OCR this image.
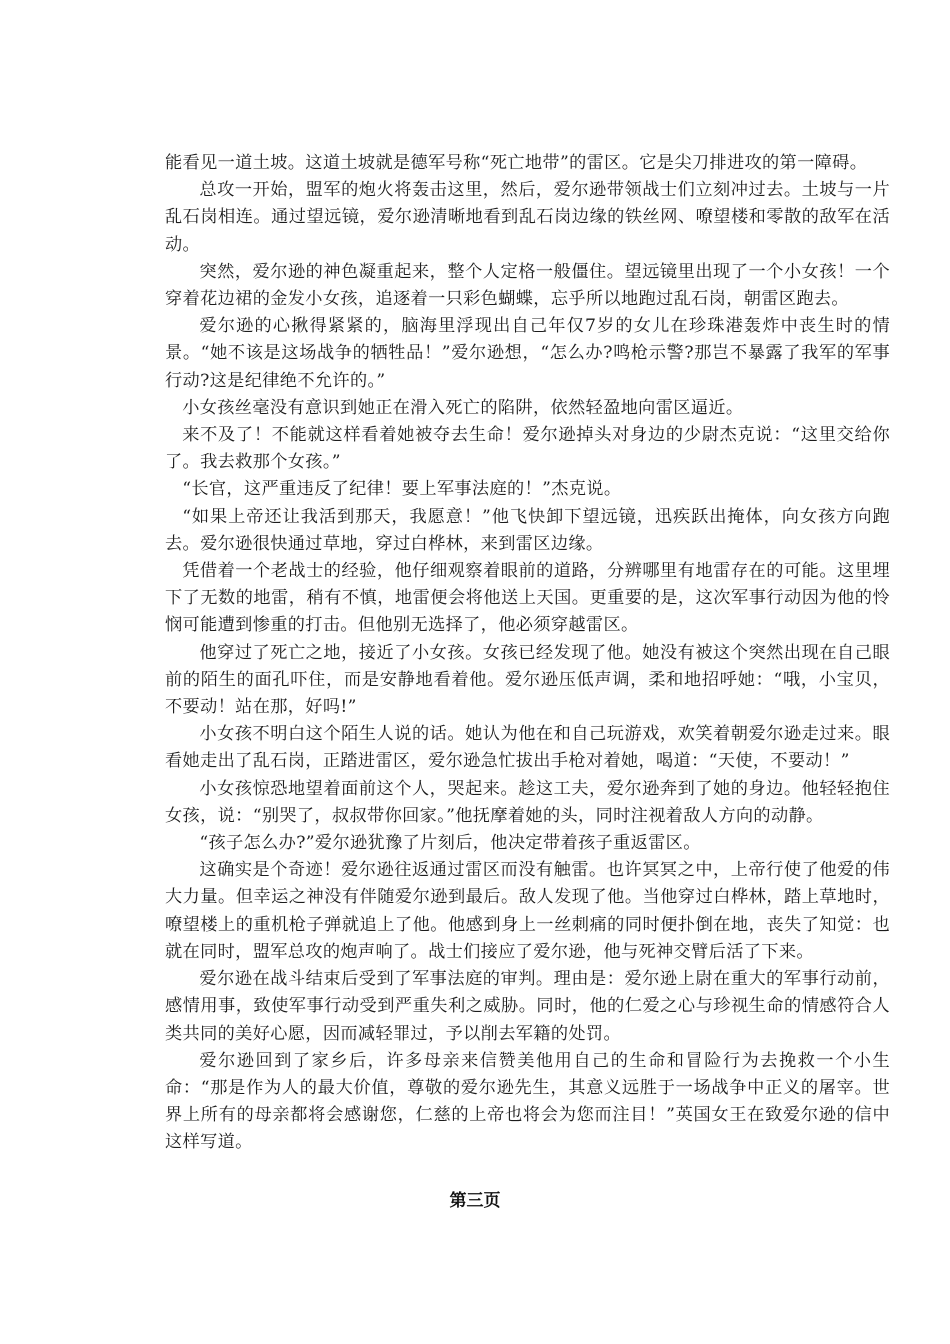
能看见一道土坡。这道土坡就是德军号称“死亡地带”的雷区。它是尖刀排进攻的第一障碍。

总攻一开始，盟军的炮火将轰击这里，然后，爱尔逊带领战士们立刻冲过去。土坡与一片乱石岗相连。通过望远镜，爱尔逊清晰地看到乱石岗边缘的铁丝网、嘹望楼和零散的敌军在活动。

突然，爱尔逊的神色凝重起来，整个人定格一般僵住。望远镜里出现了一个小女孩！一个穿着花边裙的金发小女孩，追逐着一只彩色蝴蝶，忘乎所以地跑过乱石岗，朝雷区跑去。

爱尔逊的心揪得紧紧的，脑海里浮现出自己年仅7岁的女儿在珍珠港轰炸中丧生时的情景。“她不该是这场战争的牺牲品！”爱尔逊想，“怎么办?鸣枪示警?那岂不暴露了我军的军事行动?这是纪律绝不允许的。”

小女孩丝毫没有意识到她正在滑入死亡的陷阱，依然轻盈地向雷区逼近。

来不及了！不能就这样看着她被夺去生命！爱尔逊掉头对身边的少尉杰克说：“这里交给你了。我去救那个女孩。”

“长官，这严重违反了纪律！要上军事法庭的！”杰克说。

“如果上帝还让我活到那天，我愿意！”他飞快卸下望远镜，迅疾跃出掩体，向女孩方向跑去。爱尔逊很快通过草地，穿过白桦林，来到雷区边缘。

凭借着一个老战士的经验，他仔细观察着眼前的道路，分辨哪里有地雷存在的可能。这里埋下了无数的地雷，稍有不慎，地雷便会将他送上天国。更重要的是，这次军事行动因为他的怜悯可能遭到惨重的打击。但他别无选择了，他必须穿越雷区。

他穿过了死亡之地，接近了小女孩。女孩已经发现了他。她没有被这个突然出现在自己眼前的陌生的面孔吓住，而是安静地看着他。爱尔逊压低声调，柔和地招呼她：“哦，小宝贝，不要动！站在那，好吗!”

小女孩不明白这个陌生人说的话。她认为他在和自己玩游戏，欢笑着朝爱尔逊走过来。眼看她走出了乱石岗，正踏进雷区，爱尔逊急忙拔出手枪对着她，喝道：“天使，不要动！”

小女孩惊恐地望着面前这个人，哭起来。趁这工夫，爱尔逊奔到了她的身边。他轻轻抱住女孩，说：“别哭了，叔叔带你回家。”他抚摩着她的头，同时注视着敌人方向的动静。

“孩子怎么办?”爱尔逊犹豫了片刻后，他决定带着孩子重返雷区。

这确实是个奇迹！爱尔逊往返通过雷区而没有触雷。也许冥冥之中，上帝行使了他爱的伟大力量。但幸运之神没有伴随爱尔逊到最后。敌人发现了他。当他穿过白桦林，踏上草地时，嘹望楼上的重机枪子弹就追上了他。他感到身上一丝刺痛的同时便扑倒在地，丧失了知觉：也就在同时，盟军总攻的炮声响了。战士们接应了爱尔逊，他与死神交臂后活了下来。

爱尔逊在战斗结束后受到了军事法庭的审判。理由是：爱尔逊上尉在重大的军事行动前，感情用事，致使军事行动受到严重失利之威胁。同时，他的仁爱之心与珍视生命的情感符合人类共同的美好心愿，因而减轻罪过，予以削去军籍的处罚。

爱尔逊回到了家乡后，许多母亲来信赞美他用自己的生命和冒险行为去挽救一个小生命：“那是作为人的最大价值，尊敬的爱尔逊先生，其意义远胜于一场战争中正义的屠宰。世界上所有的母亲都将会感谢您，仁慈的上帝也将会为您而注目！”英国女王在致爱尔逊的信中这样写道。

第三页
